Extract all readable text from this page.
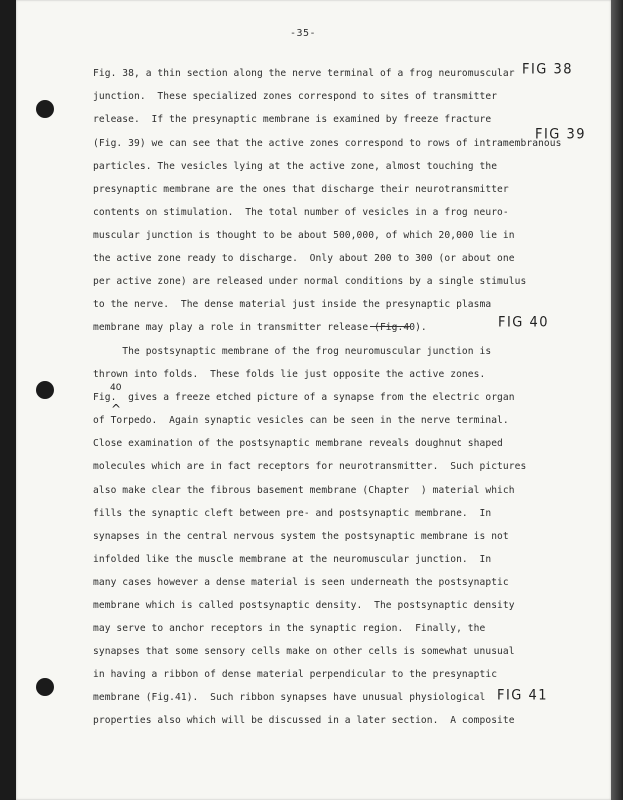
-35-
FIG 38
FIG 39
FIG 40
FIG 41
40
^
Fig. 38, a thin section along the nerve terminal of a frog neuromuscular
junction.  These specialized zones correspond to sites of transmitter
release.  If the presynaptic membrane is examined by freeze fracture
(Fig. 39) we can see that the active zones correspond to rows of intramembranous
particles. The vesicles lying at the active zone, almost touching the
presynaptic membrane are the ones that discharge their neurotransmitter
contents on stimulation.  The total number of vesicles in a frog neuro-
muscular junction is thought to be about 500,000, of which 20,000 lie in
the active zone ready to discharge.  Only about 200 to 300 (or about one
per active zone) are released under normal conditions by a single stimulus
to the nerve.  The dense material just inside the presynaptic plasma
membrane may play a role in transmitter release (Fig.40).
The postsynaptic membrane of the frog neuromuscular junction is
thrown into folds.  These folds lie just opposite the active zones.
Fig.  gives a freeze etched picture of a synapse from the electric organ
of Torpedo.  Again synaptic vesicles can be seen in the nerve terminal.
Close examination of the postsynaptic membrane reveals doughnut shaped
molecules which are in fact receptors for neurotransmitter.  Such pictures
also make clear the fibrous basement membrane (Chapter  ) material which
fills the synaptic cleft between pre- and postsynaptic membrane.  In
synapses in the central nervous system the postsynaptic membrane is not
infolded like the muscle membrane at the neuromuscular junction.  In
many cases however a dense material is seen underneath the postsynaptic
membrane which is called postsynaptic density.  The postsynaptic density
may serve to anchor receptors in the synaptic region.  Finally, the
synapses that some sensory cells make on other cells is somewhat unusual
in having a ribbon of dense material perpendicular to the presynaptic
membrane (Fig.41).  Such ribbon synapses have unusual physiological
properties also which will be discussed in a later section.  A composite
